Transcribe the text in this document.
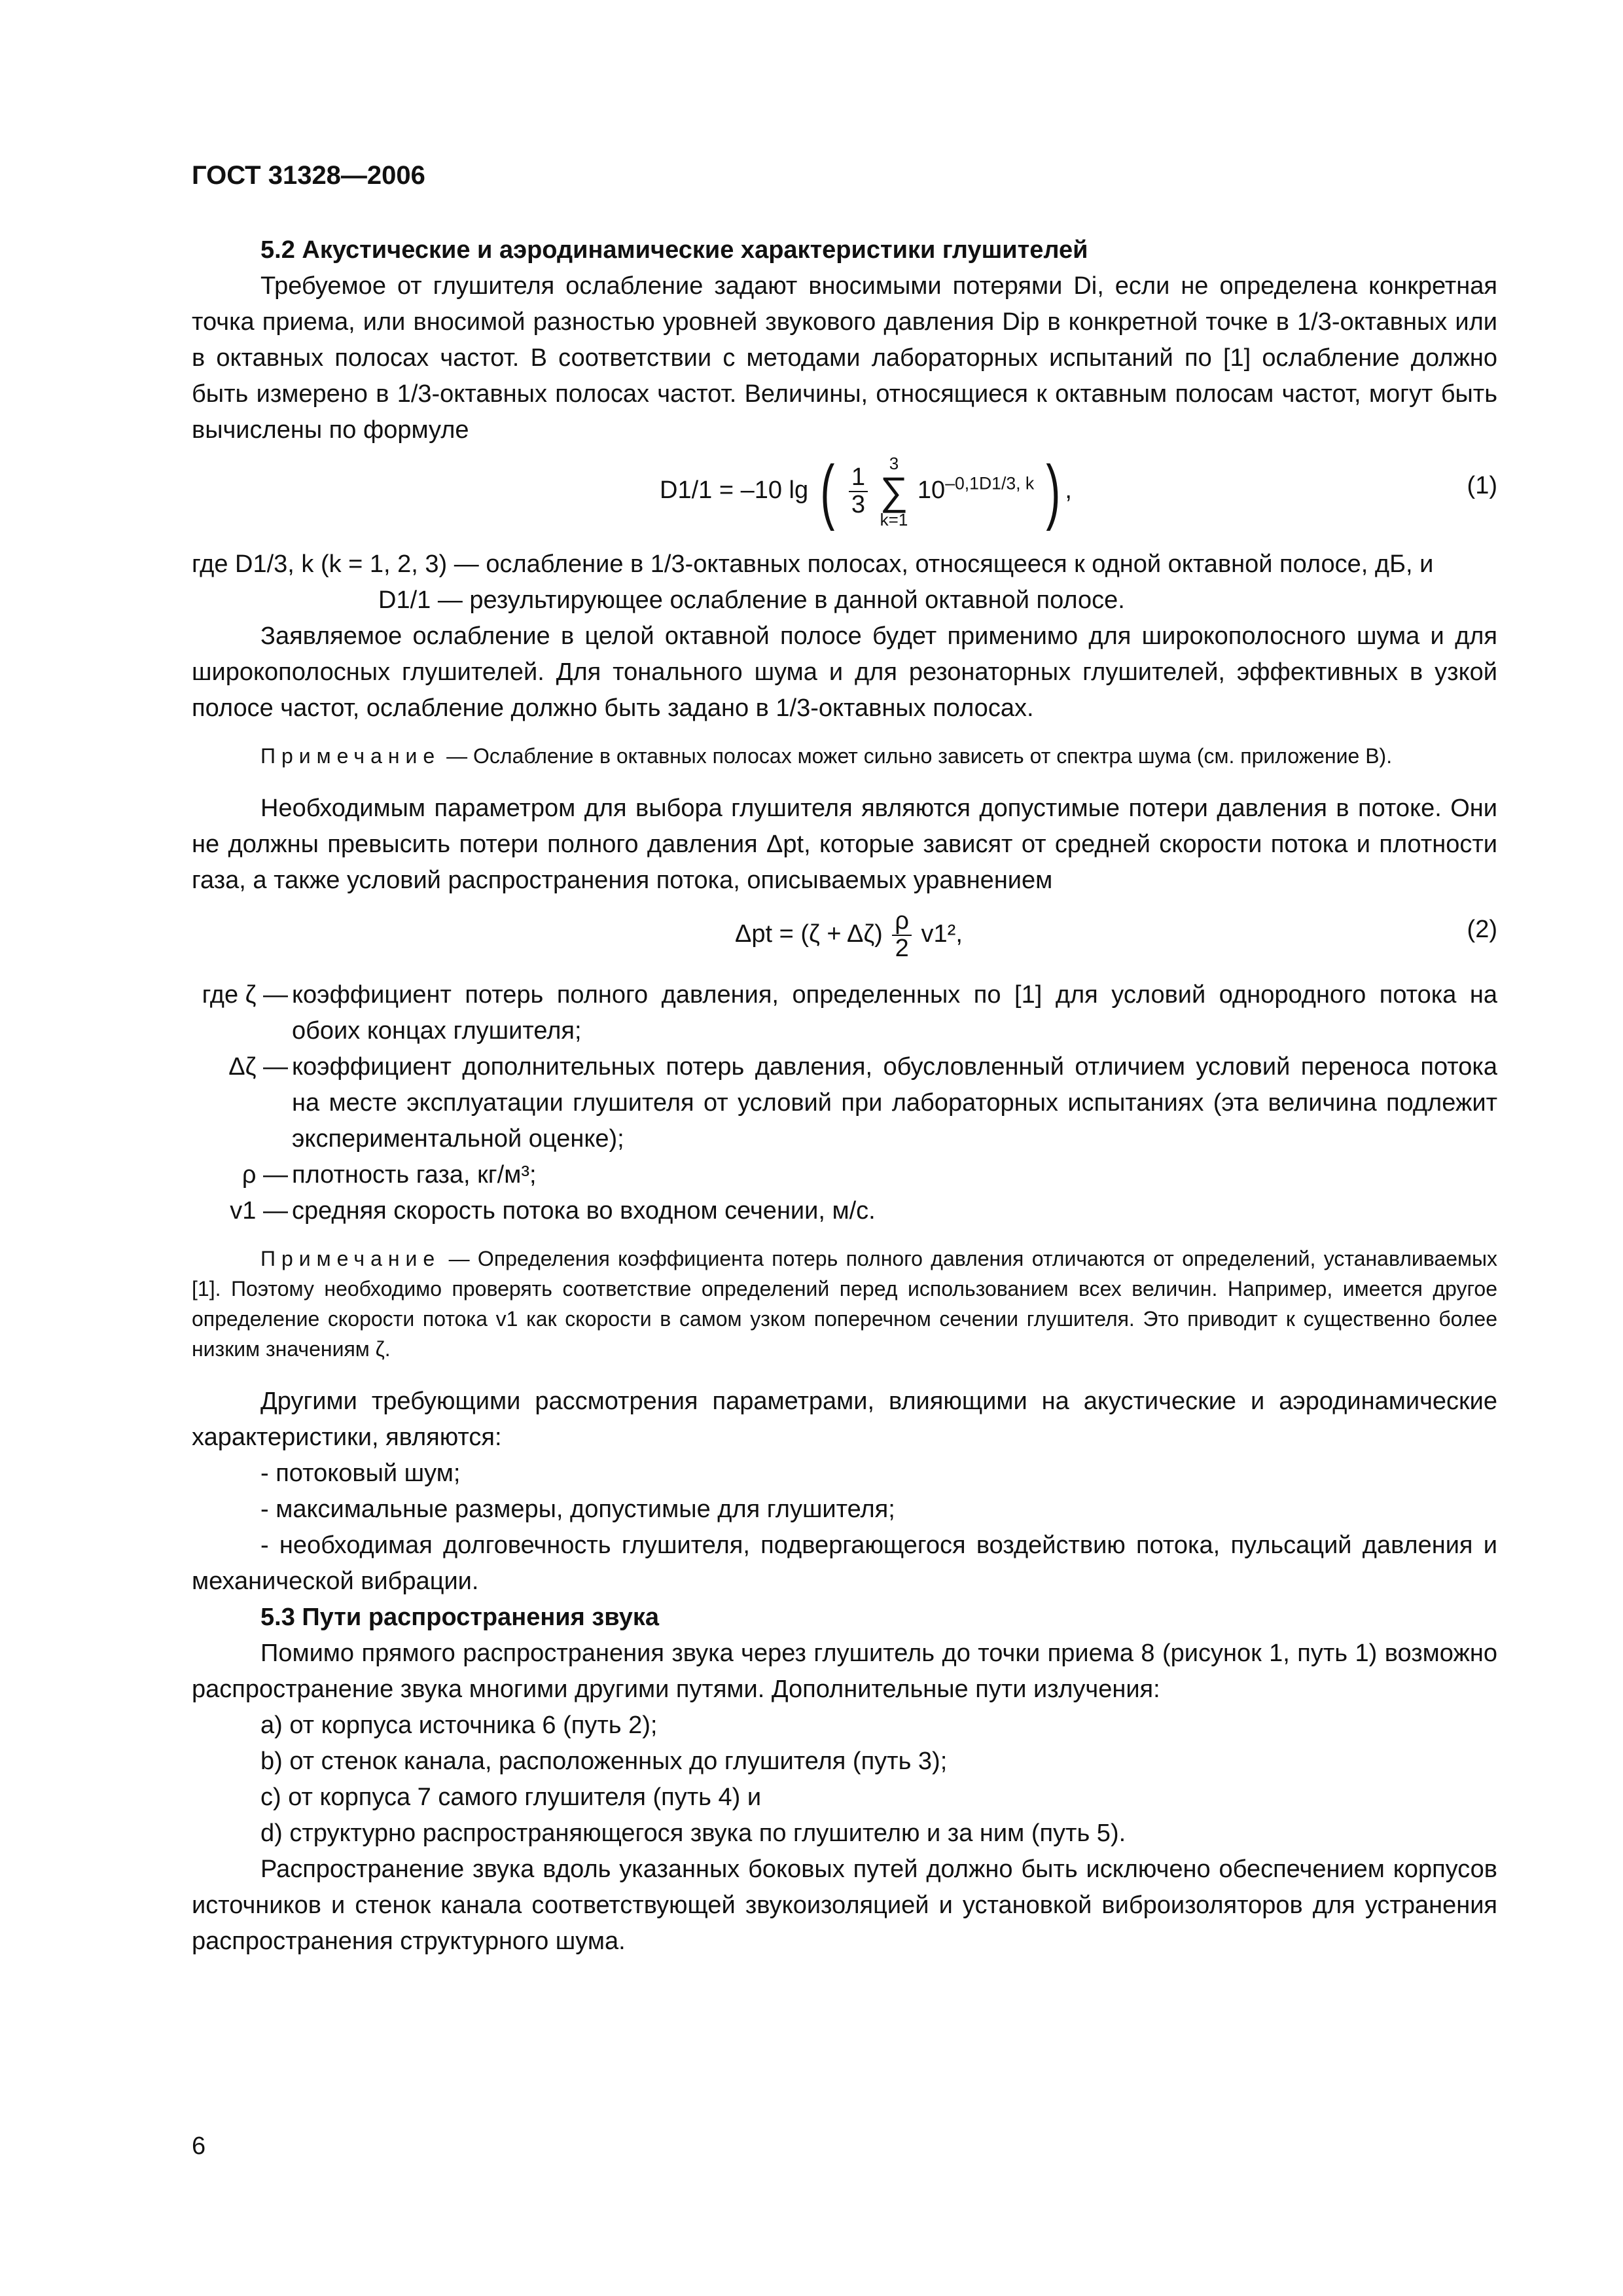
ГОСТ 31328—2006

5.2 Акустические и аэродинамические характеристики глушителей

Требуемое от глушителя ослабление задают вносимыми потерями Di, если не определена конкретная точка приема, или вносимой разностью уровней звукового давления Dip в конкретной точке в 1/3-октавных или в октавных полосах частот. В соответствии с методами лабораторных испытаний по [1] ослабление должно быть измерено в 1/3-октавных полосах частот. Величины, относящиеся к октавным полосам частот, могут быть вычислены по формуле

D1/1 = –10 lg ( $\frac{1}{3}$

3
∑
k=1
$10^{-0,1D1/3, k}$ ) ,	(1)

где D1/3, k (k = 1, 2, 3) — ослабление в 1/3-октавных полосах, относящееся к одной октавной полосе, дБ, и

D1/1 — результирующее ослабление в данной октавной полосе.

Заявляемое ослабление в целой октавной полосе будет применимо для широкополосного шума и для широкополосных глушителей. Для тонального шума и для резонаторных глушителей, эффективных в узкой полосе частот, ослабление должно быть задано в 1/3-октавных полосах.

Примечание — Ослабление в октавных полосах может сильно зависеть от спектра шума (см. приложение В).

Необходимым параметром для выбора глушителя являются допустимые потери давления в потоке. Они не должны превысить потери полного давления Δpt, которые зависят от средней скорости потока и плотности газа, а также условий распространения потока, описываемых уравнением

$\Delta pt = (\zeta + \Delta\zeta) \frac{\rho}{2} v1^2$,	(2)
где ζ — коэффициент потерь полного давления, определенных по [1] для условий однородного потока на обоих концах глушителя;
Δζ — коэффициент дополнительных потерь давления, обусловленный отличием условий переноса потока на месте эксплуатации глушителя от условий при лабораторных испытаниях (эта величина подлежит экспериментальной оценке);
ρ — плотность газа, кг/м³;
v1 — средняя скорость потока во входном сечении, м/с.

Примечание — Определения коэффициента потерь полного давления отличаются от определений, устанавливаемых [1]. Поэтому необходимо проверять соответствие определений перед использованием всех величин. Например, имеется другое определение скорости потока v1 как скорости в самом узком поперечном сечении глушителя. Это приводит к существенно более низким значениям ζ.

Другими требующими рассмотрения параметрами, влияющими на акустические и аэродинамические характеристики, являются:

- потоковый шум;

- максимальные размеры, допустимые для глушителя;

- необходимая долговечность глушителя, подвергающегося воздействию потока, пульсаций давления и механической вибрации.

5.3 Пути распространения звука

Помимо прямого распространения звука через глушитель до точки приема 8 (рисунок 1, путь 1) возможно распространение звука многими другими путями. Дополнительные пути излучения:

a) от корпуса источника 6 (путь 2);

b) от стенок канала, расположенных до глушителя (путь 3);

c) от корпуса 7 самого глушителя (путь 4) и

d) структурно распространяющегося звука по глушителю и за ним (путь 5).

Распространение звука вдоль указанных боковых путей должно быть исключено обеспечением корпусов источников и стенок канала соответствующей звукоизоляцией и установкой виброизоляторов для устранения распространения структурного шума.

6
